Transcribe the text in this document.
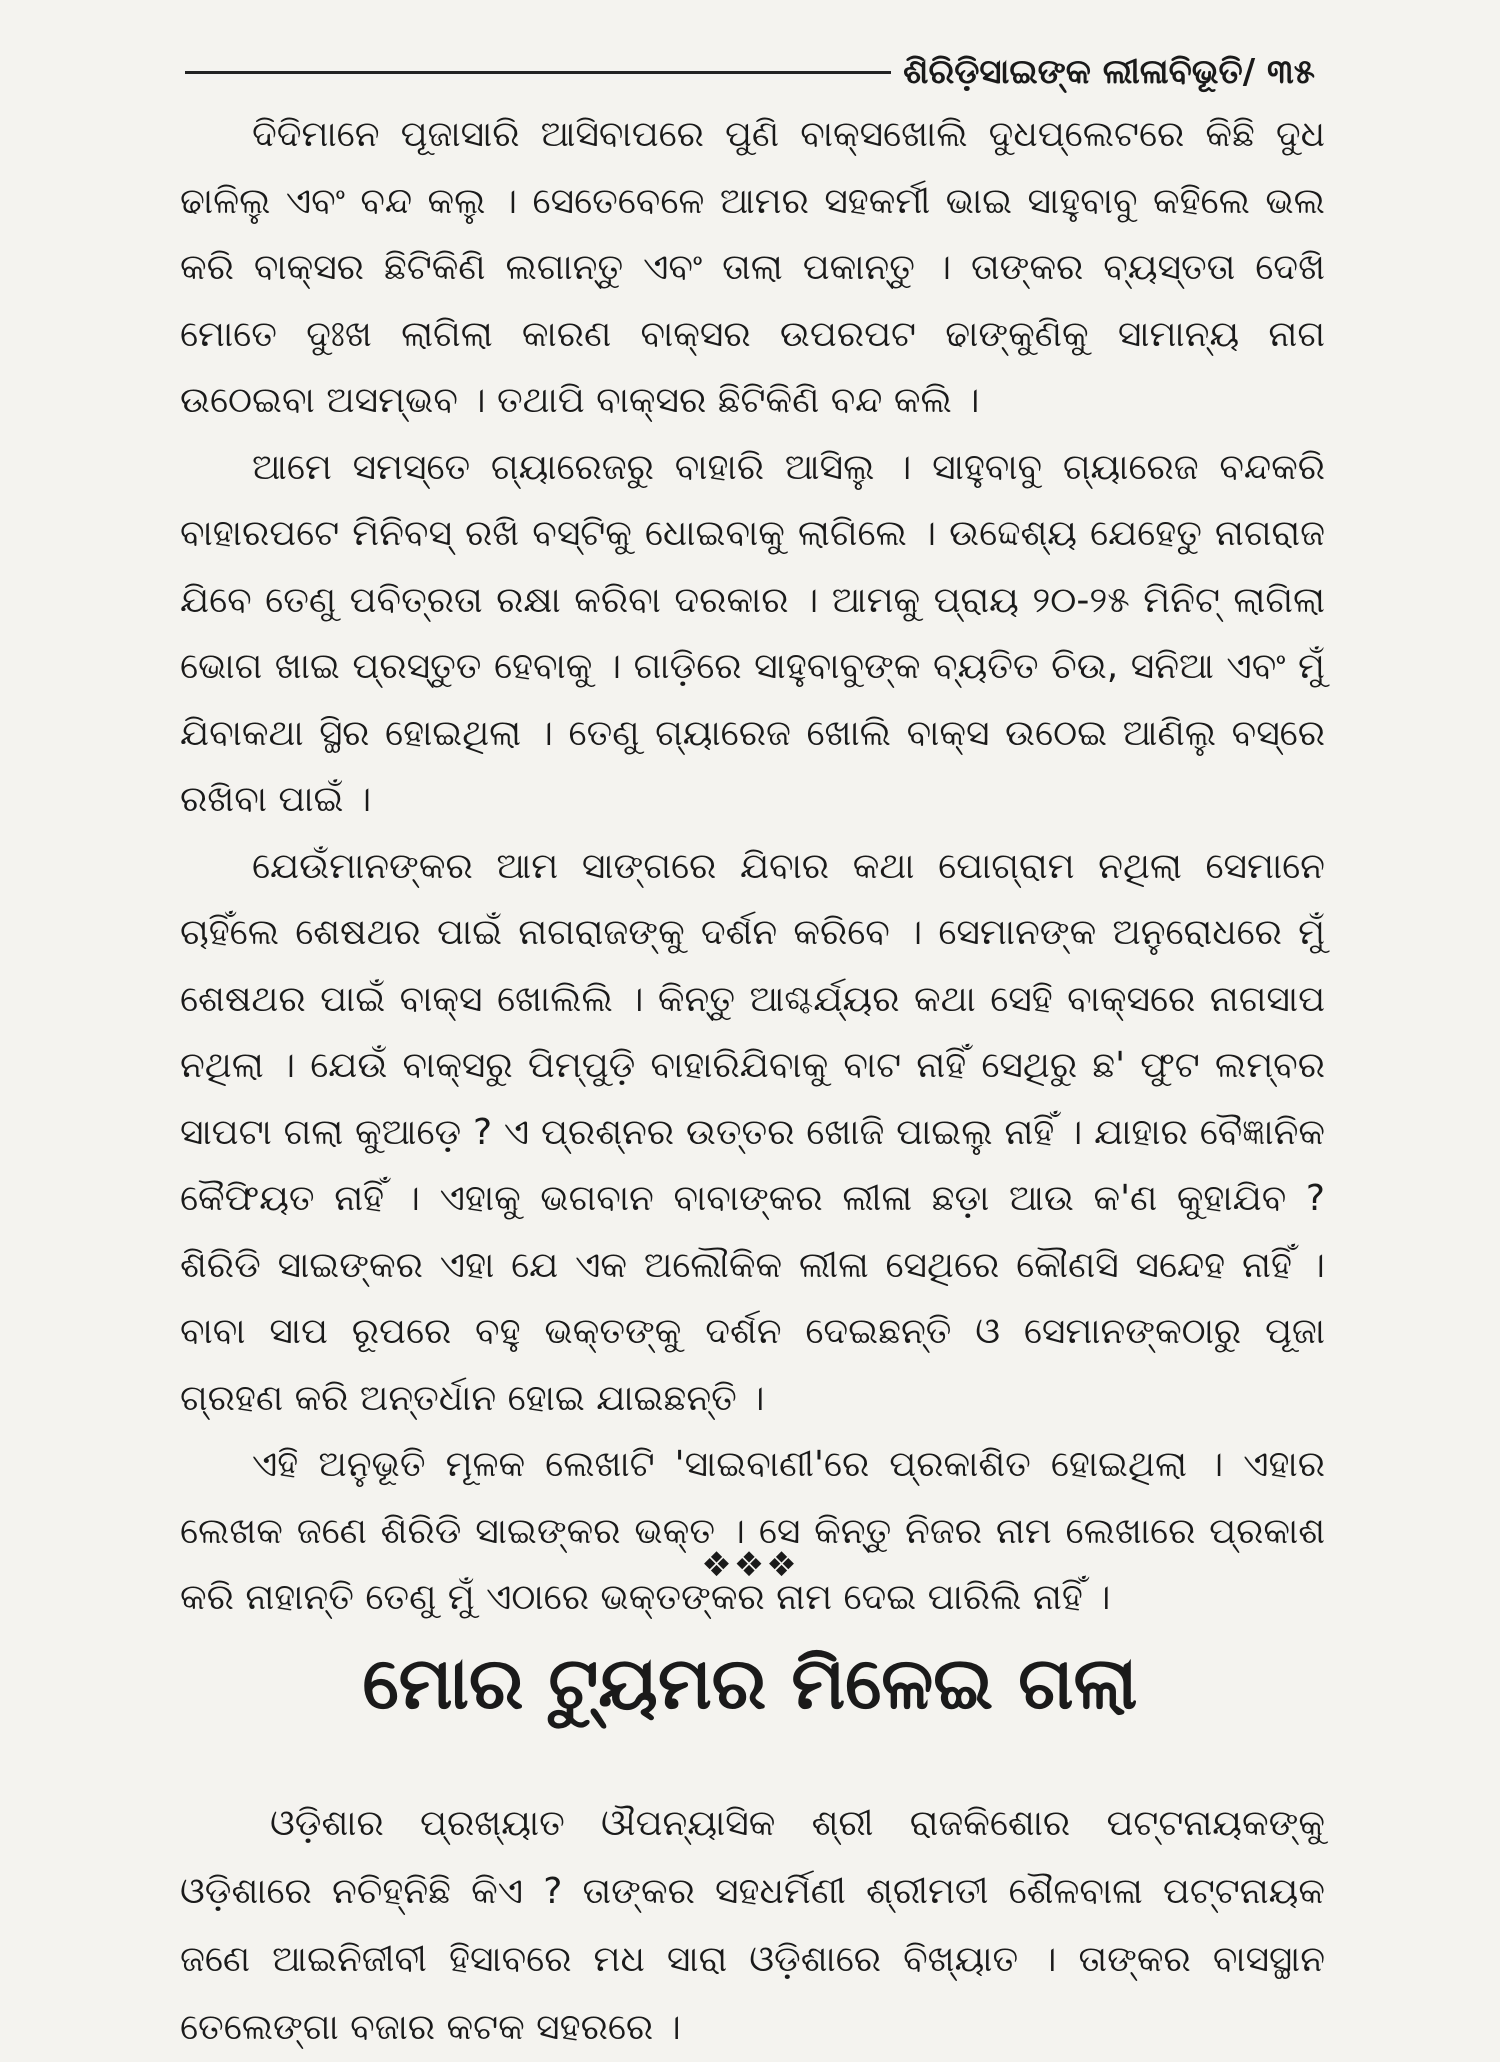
ଶିରିଡ଼ିସାଇଙ୍କ ଲୀଳାବିଭୂତି/ ୩୫

ଦିଦିମାନେ ପୂଜାସାରି ଆସିବାପରେ ପୁଣି ବାକ୍ସଖୋଲି ଦୁଧପ୍ଲେଟରେ କିଛି ଦୁଧ ଢାଳିଲୁ ଏବଂ ବନ୍ଦ କଲୁ । ସେତେବେଳେ ଆମର ସହକର୍ମୀ ଭାଇ ସାହୁବାବୁ କହିଲେ ଭଲ କରି ବାକ୍ସର ଛିଟିକିଣି ଲଗାନ୍ତୁ ଏବଂ ତାଲା ପକାନ୍ତୁ । ତାଙ୍କର ବ୍ୟସ୍ତତା ଦେଖି ମୋତେ ଦୁଃଖ ଲାଗିଲା କାରଣ ବାକ୍ସର ଉପରପଟ ଢାଙ୍କୁଣିକୁ ସାମାନ୍ୟ ନାଗ ଉଠେଇବା ଅସମ୍ଭବ । ତଥାପି ବାକ୍ସର ଛିଟିକିଣି ବନ୍ଦ କଲି ।

ଆମେ ସମସ୍ତେ ଗ୍ୟାରେଜରୁ ବାହାରି ଆସିଲୁ । ସାହୁବାବୁ ଗ୍ୟାରେଜ ବନ୍ଦକରି ବାହାରପଟେ ମିନିବସ୍ ରଖି ବସ୍‌ଟିକୁ ଧୋଇବାକୁ ଲାଗିଲେ । ଉଦ୍ଦେଶ୍ୟ ଯେହେତୁ ନାଗରାଜ ଯିବେ ତେଣୁ ପବିତ୍ରତା ରକ୍ଷା କରିବା ଦରକାର । ଆମକୁ ପ୍ରାୟ ୨୦-୨୫ ମିନିଟ୍ ଲାଗିଲା ଭୋଗ ଖାଇ ପ୍ରସ୍ତୁତ ହେବାକୁ । ଗାଡ଼ିରେ ସାହୁବାବୁଙ୍କ ବ୍ୟତିତ ଚିଉ, ସନିଆ ଏବଂ ମୁଁ ଯିବାକଥା ସ୍ଥିର ହୋଇଥିଲା । ତେଣୁ ଗ୍ୟାରେଜ ଖୋଲି ବାକ୍ସ ଉଠେଇ ଆଣିଲୁ ବସ୍‌ରେ ରଖିବା ପାଇଁ ।

ଯେଉଁମାନଙ୍କର ଆମ ସାଙ୍ଗରେ ଯିବାର କଥା ପୋଗ୍ରାମ ନଥିଲା ସେମାନେ ଚାହିଁଲେ ଶେଷଥର ପାଇଁ ନାଗରାଜଙ୍କୁ ଦର୍ଶନ କରିବେ । ସେମାନଙ୍କ ଅନୁରୋଧରେ ମୁଁ ଶେଷଥର ପାଇଁ ବାକ୍ସ ଖୋଲିଲି । କିନ୍ତୁ ଆଶ୍ଚର୍ଯ୍ୟର କଥା ସେହି ବାକ୍ସରେ ନାଗସାପ ନଥିଲା । ଯେଉଁ ବାକ୍ସରୁ ପିମ୍ପୁଡ଼ି ବାହାରିଯିବାକୁ ବାଟ ନାହିଁ ସେଥିରୁ ଛ' ଫୁଟ ଲମ୍ବର ସାପଟା ଗଲା କୁଆଡ଼େ ? ଏ ପ୍ରଶ୍ନର ଉତ୍ତର ଖୋଜି ପାଇଲୁ ନାହିଁ । ଯାହାର ବୈଜ୍ଞାନିକ କୈଫିୟତ ନାହିଁ । ଏହାକୁ ଭଗବାନ ବାବାଙ୍କର ଲୀଳା ଛଡ଼ା ଆଉ କ'ଣ କୁହାଯିବ ? ଶିରିଡି ସାଇଙ୍କର ଏହା ଯେ ଏକ ଅଲୌକିକ ଲୀଳା ସେଥିରେ କୌଣସି ସନ୍ଦେହ ନାହିଁ । ବାବା ସାପ ରୂପରେ ବହୁ ଭକ୍ତଙ୍କୁ ଦର୍ଶନ ଦେଇଛନ୍ତି ଓ ସେମାନଙ୍କଠାରୁ ପୂଜା ଗ୍ରହଣ କରି ଅନ୍ତର୍ଧାନ ହୋଇ ଯାଇଛନ୍ତି ।

ଏହି ଅନୁଭୂତି ମୂଳକ ଲେଖାଟି 'ସାଇବାଣୀ'ରେ ପ୍ରକାଶିତ ହୋଇଥିଲା । ଏହାର ଲେଖକ ଜଣେ ଶିରିଡି ସାଇଙ୍କର ଭକ୍ତ । ସେ କିନ୍ତୁ ନିଜର ନାମ ଲେଖାରେ ପ୍ରକାଶ କରି ନାହାନ୍ତି ତେଣୁ ମୁଁ ଏଠାରେ ଭକ୍ତଙ୍କର ନାମ ଦେଇ ପାରିଲି ନାହିଁ ।

❖❖❖
ମୋର ଟ୍ୟୁମର ମିଳେଇ ଗଲା

ଓଡ଼ିଶାର ପ୍ରଖ୍ୟାତ ଔପନ୍ୟାସିକ ଶ୍ରୀ ରାଜକିଶୋର ପଟ୍ଟନାୟକଙ୍କୁ ଓଡ଼ିଶାରେ ନଚିହ୍ନିଛି କିଏ ? ତାଙ୍କର ସହଧର୍ମିଣୀ ଶ୍ରୀମତୀ ଶୈଳବାଳା ପଟ୍ଟନାୟକ ଜଣେ ଆଇନିଜୀବୀ ହିସାବରେ ମଧ ସାରା ଓଡ଼ିଶାରେ ବିଖ୍ୟାତ । ତାଙ୍କର ବାସସ୍ଥାନ ତେଲେଙ୍ଗା ବଜାର କଟକ ସହରରେ ।
